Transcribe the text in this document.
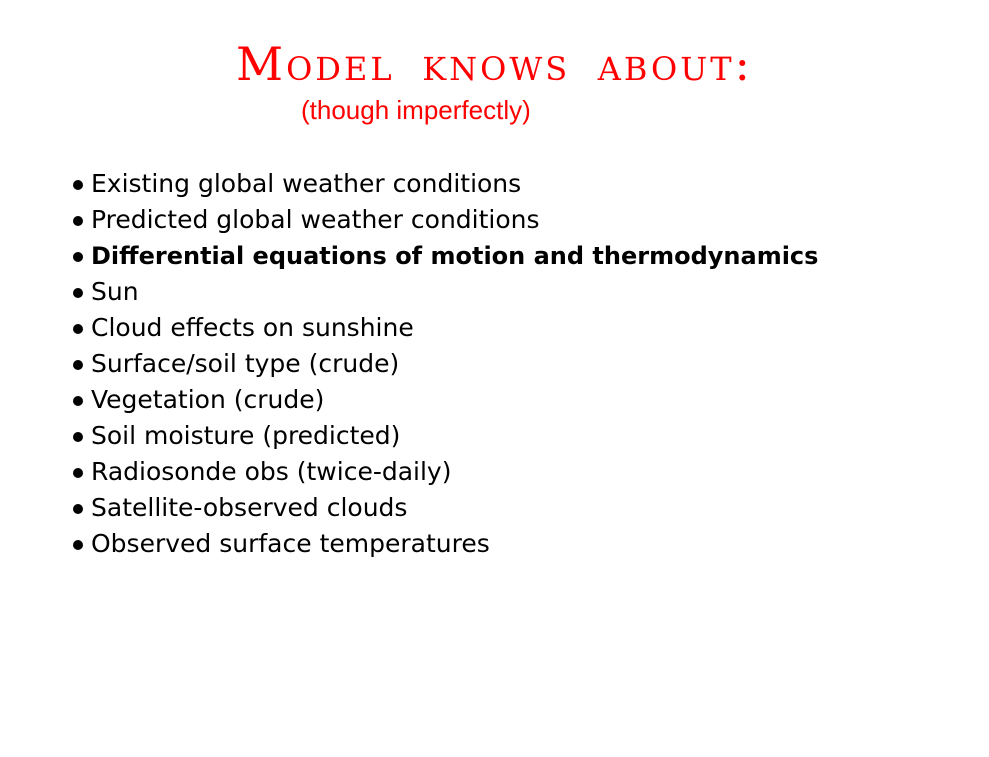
Model knows about:
(though imperfectly)
Existing global weather conditions
Predicted global weather conditions
Differential equations of motion and thermodynamics
Sun
Cloud effects on sunshine
Surface/soil type (crude)
Vegetation (crude)
Soil moisture (predicted)
Radiosonde obs (twice-daily)
Satellite-observed clouds
Observed surface temperatures
